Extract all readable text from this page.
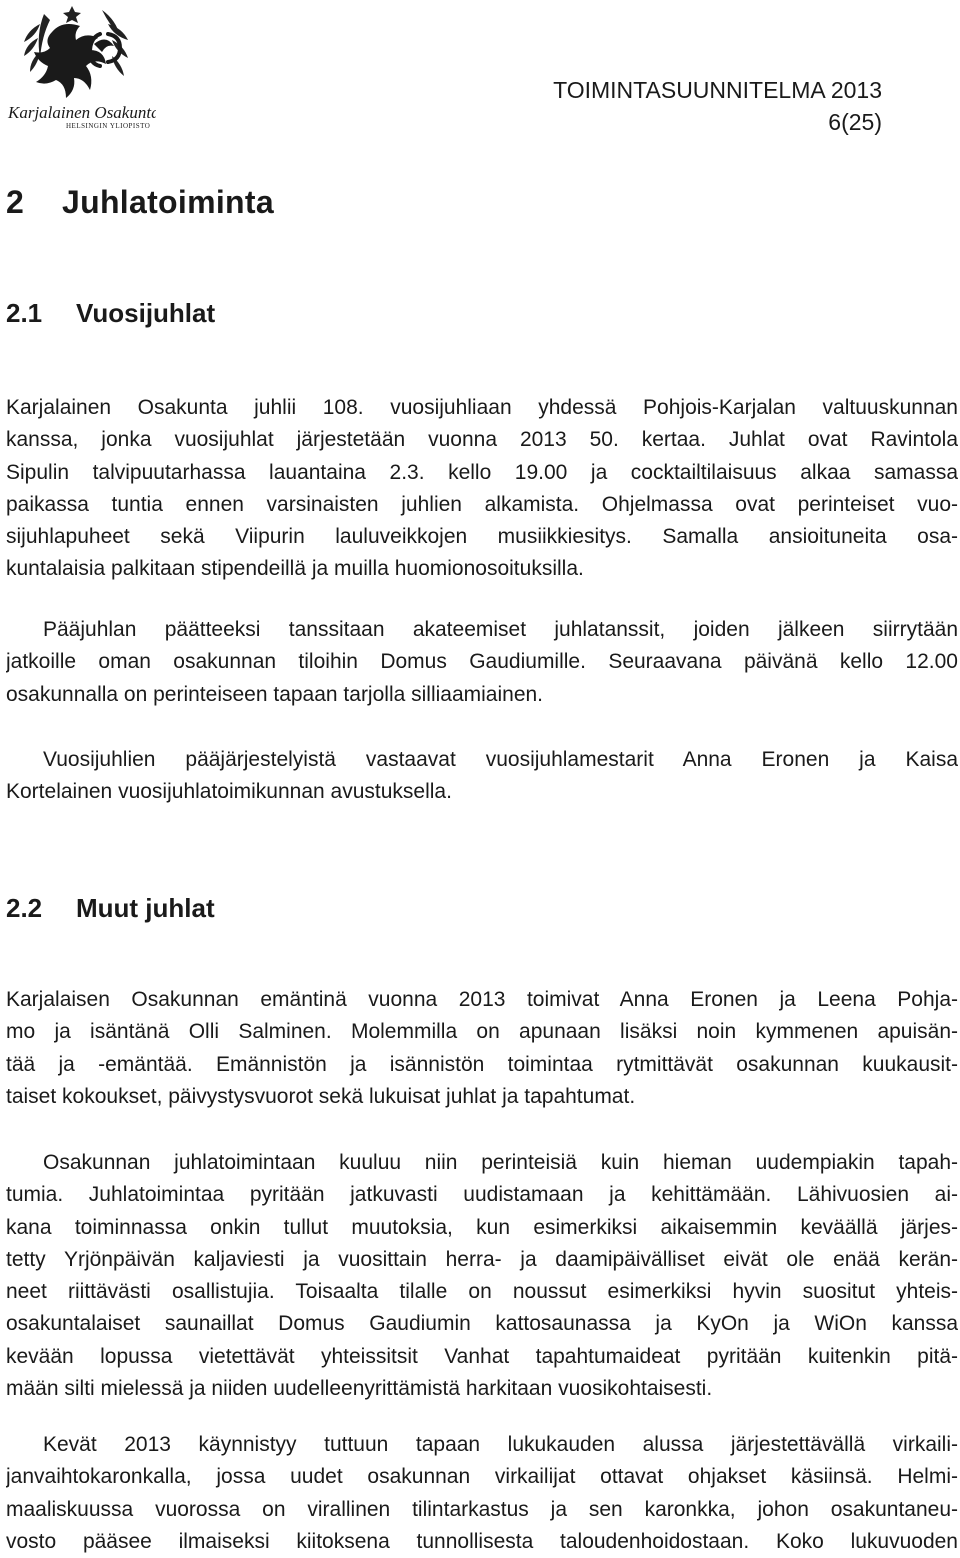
Karjalainen Osakunta
HELSINGIN YLIOPISTO
TOIMINTASUUNNITELMA 2013
6(25)
2 Juhlatoiminta
2.1 Vuosijuhlat
Karjalainen Osakunta juhlii 108. vuosijuhliaan yhdessä Pohjois-Karjalan valtuuskunnan
kanssa, jonka vuosijuhlat järjestetään vuonna 2013 50. kertaa. Juhlat ovat Ravintola
Sipulin talvipuutarhassa lauantaina 2.3. kello 19.00 ja cocktailtilaisuus alkaa samassa
paikassa tuntia ennen varsinaisten juhlien alkamista. Ohjelmassa ovat perinteiset vuo-
sijuhlapuheet sekä Viipurin lauluveikkojen musiikkiesitys. Samalla ansioituneita osa-
kuntalaisia palkitaan stipendeillä ja muilla huomionosoituksilla.
Pääjuhlan päätteeksi tanssitaan akateemiset juhlatanssit, joiden jälkeen siirrytään
jatkoille oman osakunnan tiloihin Domus Gaudiumille. Seuraavana päivänä kello 12.00
osakunnalla on perinteiseen tapaan tarjolla silliaamiainen.
Vuosijuhlien pääjärjestelyistä vastaavat vuosijuhlamestarit Anna Eronen ja Kaisa
Kortelainen vuosijuhlatoimikunnan avustuksella.
2.2 Muut juhlat
Karjalaisen Osakunnan emäntinä vuonna 2013 toimivat Anna Eronen ja Leena Pohja-
mo ja isäntänä Olli Salminen. Molemmilla on apunaan lisäksi noin kymmenen apuisän-
tää ja -emäntää. Emännistön ja isännistön toimintaa rytmittävät osakunnan kuukausit-
taiset kokoukset, päivystysvuorot sekä lukuisat juhlat ja tapahtumat.
Osakunnan juhlatoimintaan kuuluu niin perinteisiä kuin hieman uudempiakin tapah-
tumia. Juhlatoimintaa pyritään jatkuvasti uudistamaan ja kehittämään. Lähivuosien ai-
kana toiminnassa onkin tullut muutoksia, kun esimerkiksi aikaisemmin keväällä järjes-
tetty Yrjönpäivän kaljaviesti ja vuosittain herra- ja daamipäivälliset eivät ole enää kerän-
neet riittävästi osallistujia. Toisaalta tilalle on noussut esimerkiksi hyvin suositut yhteis-
osakuntalaiset saunaillat Domus Gaudiumin kattosaunassa ja KyOn ja WiOn kanssa
kevään lopussa vietettävät yhteissitsit Vanhat tapahtumaideat pyritään kuitenkin pitä-
mään silti mielessä ja niiden uudelleenyrittämistä harkitaan vuosikohtaisesti.
Kevät 2013 käynnistyy tuttuun tapaan lukukauden alussa järjestettävällä virkaili-
janvaihtokaronkalla, jossa uudet osakunnan virkailijat ottavat ohjakset käsiinsä. Helmi-
maaliskuussa vuorossa on virallinen tilintarkastus ja sen karonkka, johon osakuntaneu-
vosto pääsee ilmaiseksi kiitoksena tunnollisesta taloudenhoidostaan. Koko lukuvuoden
